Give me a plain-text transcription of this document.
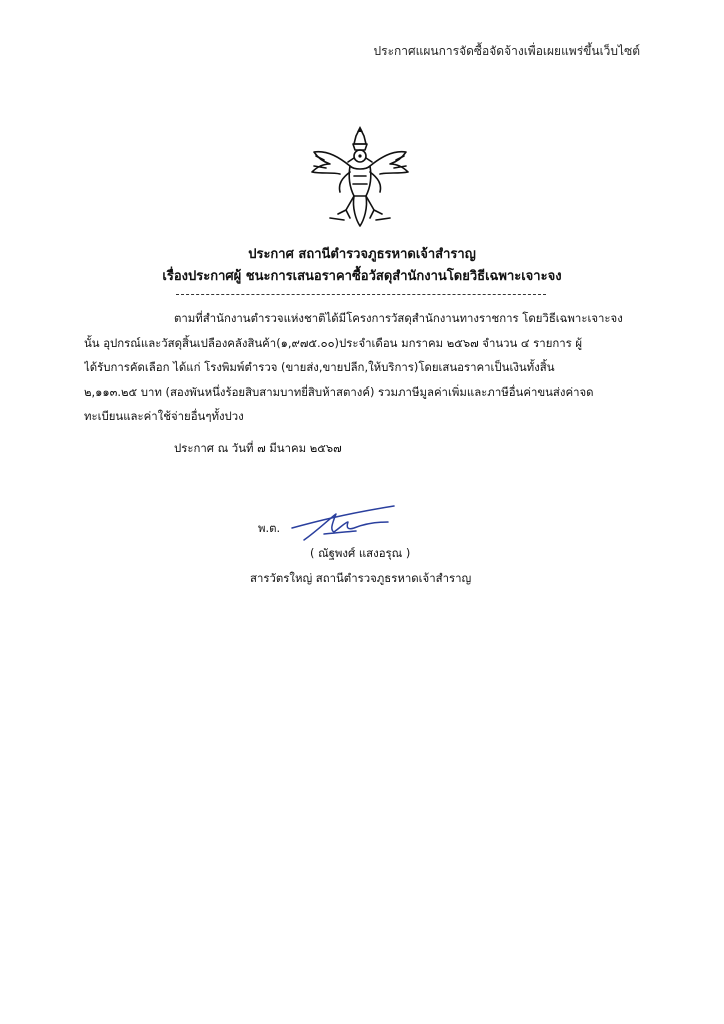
ประกาศแผนการจัดซื้อจัดจ้างเพื่อเผยแพร่ขึ้นเว็บไซต์
ประกาศ สถานีตำรวจภูธรหาดเจ้าสำราญ
เรื่องประกาศผู้ ชนะการเสนอราคาซื้อวัสดุสำนักงานโดยวิธีเฉพาะเจาะจง
ตามที่สำนักงานตำรวจแห่งชาติได้มีโครงการวัสดุสำนักงานทางราชการ โดยวิธีเฉพาะเจาะจง
นั้น อุปกรณ์และวัสดุสิ้นเปลืองคลังสินค้า(๑,๙๗๕.๐๐)ประจำเดือน มกราคม ๒๕๖๗ จำนวน ๔ รายการ ผู้
ได้รับการคัดเลือก ได้แก่ โรงพิมพ์ตำรวจ (ขายส่ง,ขายปลีก,ให้บริการ)โดยเสนอราคาเป็นเงินทั้งสิ้น
๒,๑๑๓.๒๕ บาท (สองพันหนึ่งร้อยสิบสามบาทยี่สิบห้าสตางค์) รวมภาษีมูลค่าเพิ่มและภาษีอื่นค่าขนส่งค่าจด
ทะเบียนและค่าใช้จ่ายอื่นๆทั้งปวง
ประกาศ ณ วันที่ ๗ มีนาคม ๒๕๖๗
พ.ต.
( ณัฐพงศ์ แสงอรุณ )
สารวัตรใหญ่ สถานีตำรวจภูธรหาดเจ้าสำราญ
